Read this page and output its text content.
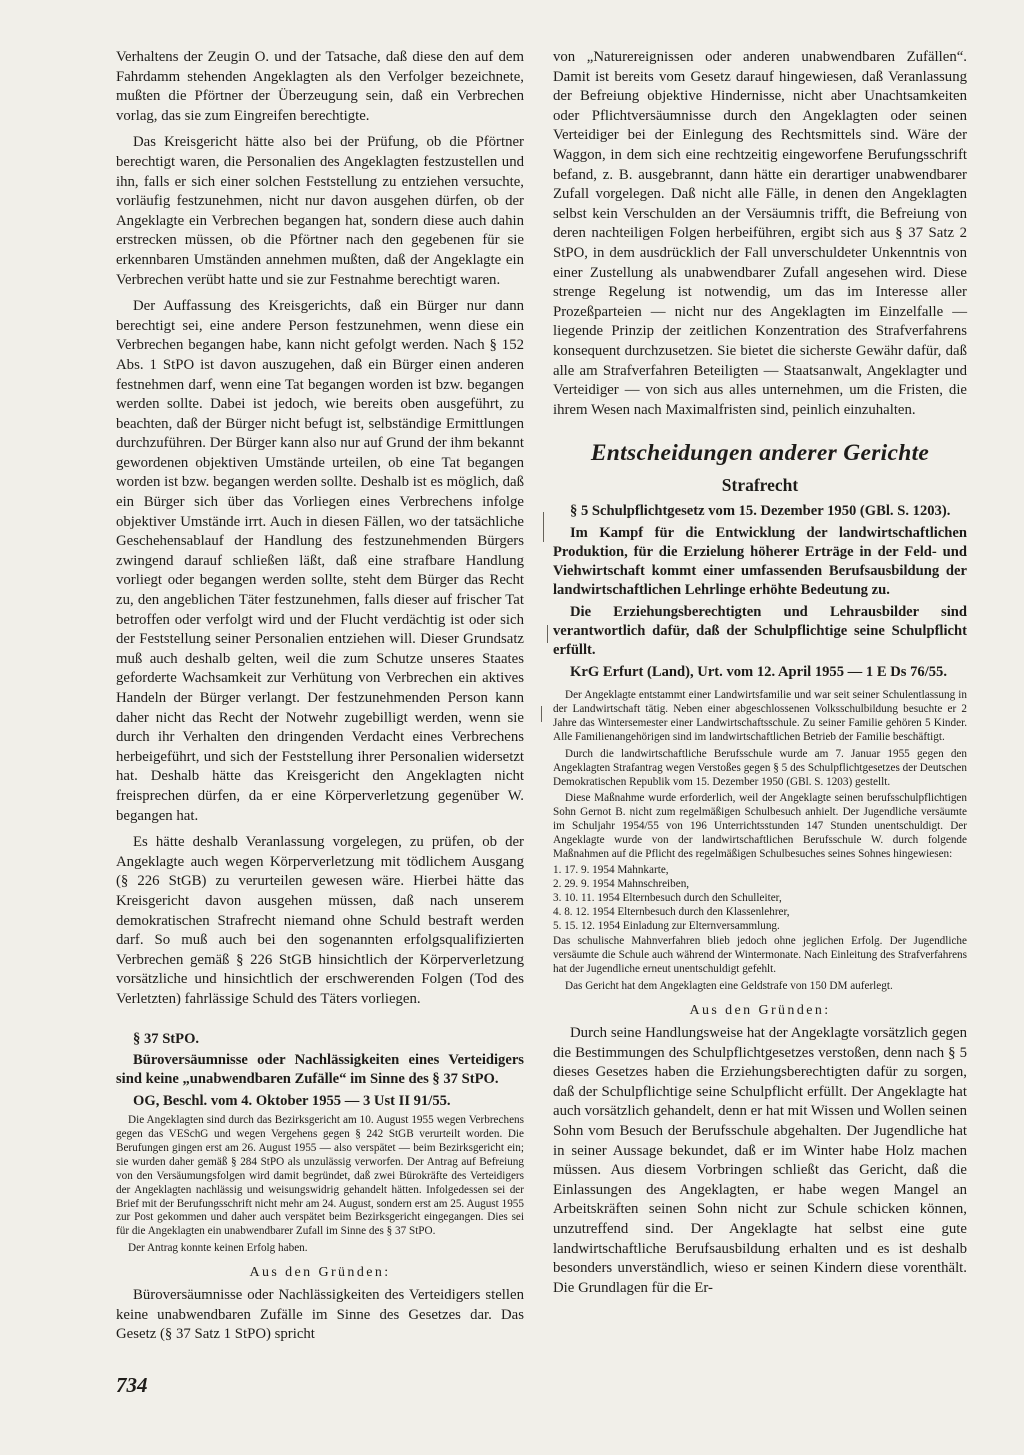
Verhaltens der Zeugin O. und der Tatsache, daß diese den auf dem Fahrdamm stehenden Angeklagten als den Verfolger bezeichnete, mußten die Pförtner der Überzeugung sein, daß ein Verbrechen vorlag, das sie zum Eingreifen berechtigte.

Das Kreisgericht hätte also bei der Prüfung, ob die Pförtner berechtigt waren, die Personalien des Angeklagten festzustellen und ihn, falls er sich einer solchen Feststellung zu entziehen versuchte, vorläufig festzunehmen, nicht nur davon ausgehen dürfen, ob der Angeklagte ein Verbrechen begangen hat, sondern diese auch dahin erstrecken müssen, ob die Pförtner nach den gegebenen für sie erkennbaren Umständen annehmen mußten, daß der Angeklagte ein Verbrechen verübt hatte und sie zur Festnahme berechtigt waren.

Der Auffassung des Kreisgerichts, daß ein Bürger nur dann berechtigt sei, eine andere Person festzunehmen, wenn diese ein Verbrechen begangen habe, kann nicht gefolgt werden. Nach § 152 Abs. 1 StPO ist davon auszugehen, daß ein Bürger einen anderen festnehmen darf, wenn eine Tat begangen worden ist bzw. begangen werden sollte. Dabei ist jedoch, wie bereits oben ausgeführt, zu beachten, daß der Bürger nicht befugt ist, selbständige Ermittlungen durchzuführen. Der Bürger kann also nur auf Grund der ihm bekannt gewordenen objektiven Umstände urteilen, ob eine Tat begangen worden ist bzw. begangen werden sollte. Deshalb ist es möglich, daß ein Bürger sich über das Vorliegen eines Verbrechens infolge objektiver Umstände irrt. Auch in diesen Fällen, wo der tatsächliche Geschehensablauf der Handlung des festzunehmenden Bürgers zwingend darauf schließen läßt, daß eine strafbare Handlung vorliegt oder begangen werden sollte, steht dem Bürger das Recht zu, den angeblichen Täter festzunehmen, falls dieser auf frischer Tat betroffen oder verfolgt wird und der Flucht verdächtig ist oder sich der Feststellung seiner Personalien entziehen will. Dieser Grundsatz muß auch deshalb gelten, weil die zum Schutze unseres Staates geforderte Wachsamkeit zur Verhütung von Verbrechen ein aktives Handeln der Bürger verlangt. Der festzunehmenden Person kann daher nicht das Recht der Notwehr zugebilligt werden, wenn sie durch ihr Verhalten den dringenden Verdacht eines Verbrechens herbeigeführt, und sich der Feststellung ihrer Personalien widersetzt hat. Deshalb hätte das Kreisgericht den Angeklagten nicht freisprechen dürfen, da er eine Körperverletzung gegenüber W. begangen hat.

Es hätte deshalb Veranlassung vorgelegen, zu prüfen, ob der Angeklagte auch wegen Körperverletzung mit tödlichem Ausgang (§ 226 StGB) zu verurteilen gewesen wäre. Hierbei hätte das Kreisgericht davon ausgehen müssen, daß nach unserem demokratischen Strafrecht niemand ohne Schuld bestraft werden darf. So muß auch bei den sogenannten erfolgsqualifizierten Verbrechen gemäß § 226 StGB hinsichtlich der Körperverletzung vorsätzliche und hinsichtlich der erschwerenden Folgen (Tod des Verletzten) fahrlässige Schuld des Täters vorliegen.

§ 37 StPO.

Büroversäumnisse oder Nachlässigkeiten eines Verteidigers sind keine „unabwendbaren Zufälle“ im Sinne des § 37 StPO.

OG, Beschl. vom 4. Oktober 1955 — 3 Ust II 91/55.

Die Angeklagten sind durch das Bezirksgericht am 10. August 1955 wegen Verbrechens gegen das VESchG und wegen Vergehens gegen § 242 StGB verurteilt worden. Die Berufungen gingen erst am 26. August 1955 — also verspätet — beim Bezirksgericht ein; sie wurden daher gemäß § 284 StPO als unzulässig verworfen. Der Antrag auf Befreiung von den Versäumungsfolgen wird damit begründet, daß zwei Bürokräfte des Verteidigers der Angeklagten nachlässig und weisungswidrig gehandelt hätten. Infolgedessen sei der Brief mit der Berufungsschrift nicht mehr am 24. August, sondern erst am 25. August 1955 zur Post gekommen und daher auch verspätet beim Bezirksgericht eingegangen. Dies sei für die Angeklagten ein unabwendbarer Zufall im Sinne des § 37 StPO.

Der Antrag konnte keinen Erfolg haben.

Aus den Gründen:

Büroversäumnisse oder Nachlässigkeiten des Verteidigers stellen keine unabwendbaren Zufälle im Sinne des Gesetzes dar. Das Gesetz (§ 37 Satz 1 StPO) spricht

von „Naturereignissen oder anderen unabwendbaren Zufällen“. Damit ist bereits vom Gesetz darauf hingewiesen, daß Veranlassung der Befreiung objektive Hindernisse, nicht aber Unachtsamkeiten oder Pflichtversäumnisse durch den Angeklagten oder seinen Verteidiger bei der Einlegung des Rechtsmittels sind. Wäre der Waggon, in dem sich eine rechtzeitig eingeworfene Berufungsschrift befand, z. B. ausgebrannt, dann hätte ein derartiger unabwendbarer Zufall vorgelegen. Daß nicht alle Fälle, in denen den Angeklagten selbst kein Verschulden an der Versäumnis trifft, die Befreiung von deren nachteiligen Folgen herbeiführen, ergibt sich aus § 37 Satz 2 StPO, in dem ausdrücklich der Fall unverschuldeter Unkenntnis von einer Zustellung als unabwendbarer Zufall angesehen wird. Diese strenge Regelung ist notwendig, um das im Interesse aller Prozeßparteien — nicht nur des Angeklagten im Einzelfalle — liegende Prinzip der zeitlichen Konzentration des Strafverfahrens konsequent durchzusetzen. Sie bietet die sicherste Gewähr dafür, daß alle am Strafverfahren Beteiligten — Staatsanwalt, Angeklagter und Verteidiger — von sich aus alles unternehmen, um die Fristen, die ihrem Wesen nach Maximalfristen sind, peinlich einzuhalten.

Entscheidungen anderer Gerichte

Strafrecht

§ 5 Schulpflichtgesetz vom 15. Dezember 1950 (GBl. S. 1203).

Im Kampf für die Entwicklung der landwirtschaftlichen Produktion, für die Erzielung höherer Erträge in der Feld- und Viehwirtschaft kommt einer umfassenden Berufsausbildung der landwirtschaftlichen Lehrlinge erhöhte Bedeutung zu.

Die Erziehungsberechtigten und Lehrausbilder sind verantwortlich dafür, daß der Schulpflichtige seine Schulpflicht erfüllt.

KrG Erfurt (Land), Urt. vom 12. April 1955 — 1 E Ds 76/55.

Der Angeklagte entstammt einer Landwirtsfamilie und war seit seiner Schulentlassung in der Landwirtschaft tätig. Neben einer abgeschlossenen Volksschulbildung besuchte er 2 Jahre das Wintersemester einer Landwirtschaftsschule. Zu seiner Familie gehören 5 Kinder. Alle Familienangehörigen sind im landwirtschaftlichen Betrieb der Familie beschäftigt.

Durch die landwirtschaftliche Berufsschule wurde am 7. Januar 1955 gegen den Angeklagten Strafantrag wegen Verstoßes gegen § 5 des Schulpflichtgesetzes der Deutschen Demokratischen Republik vom 15. Dezember 1950 (GBl. S. 1203) gestellt.

Diese Maßnahme wurde erforderlich, weil der Angeklagte seinen berufsschulpflichtigen Sohn Gernot B. nicht zum regelmäßigen Schulbesuch anhielt. Der Jugendliche versäumte im Schuljahr 1954/55 von 196 Unterrichtsstunden 147 Stunden unentschuldigt. Der Angeklagte wurde von der landwirtschaftlichen Berufsschule W. durch folgende Maßnahmen auf die Pflicht des regelmäßigen Schulbesuches seines Sohnes hingewiesen:

1. 17. 9. 1954 Mahnkarte,
2. 29. 9. 1954 Mahnschreiben,
3. 10. 11. 1954 Elternbesuch durch den Schulleiter,
4. 8. 12. 1954 Elternbesuch durch den Klassenlehrer,
5. 15. 12. 1954 Einladung zur Elternversammlung.

Das schulische Mahnverfahren blieb jedoch ohne jeglichen Erfolg. Der Jugendliche versäumte die Schule auch während der Wintermonate. Nach Einleitung des Strafverfahrens hat der Jugendliche erneut unentschuldigt gefehlt.

Das Gericht hat dem Angeklagten eine Geldstrafe von 150 DM auferlegt.

Aus den Gründen:

Durch seine Handlungsweise hat der Angeklagte vorsätzlich gegen die Bestimmungen des Schulpflichtgesetzes verstoßen, denn nach § 5 dieses Gesetzes haben die Erziehungsberechtigten dafür zu sorgen, daß der Schulpflichtige seine Schulpflicht erfüllt. Der Angeklagte hat auch vorsätzlich gehandelt, denn er hat mit Wissen und Wollen seinen Sohn vom Besuch der Berufsschule abgehalten. Der Jugendliche hat in seiner Aussage bekundet, daß er im Winter habe Holz machen müssen. Aus diesem Vorbringen schließt das Gericht, daß die Einlassungen des Angeklagten, er habe wegen Mangel an Arbeitskräften seinen Sohn nicht zur Schule schicken können, unzutreffend sind. Der Angeklagte hat selbst eine gute landwirtschaftliche Berufsausbildung erhalten und es ist deshalb besonders unverständlich, wieso er seinen Kindern diese vorenthält. Die Grundlagen für die Er-

734
